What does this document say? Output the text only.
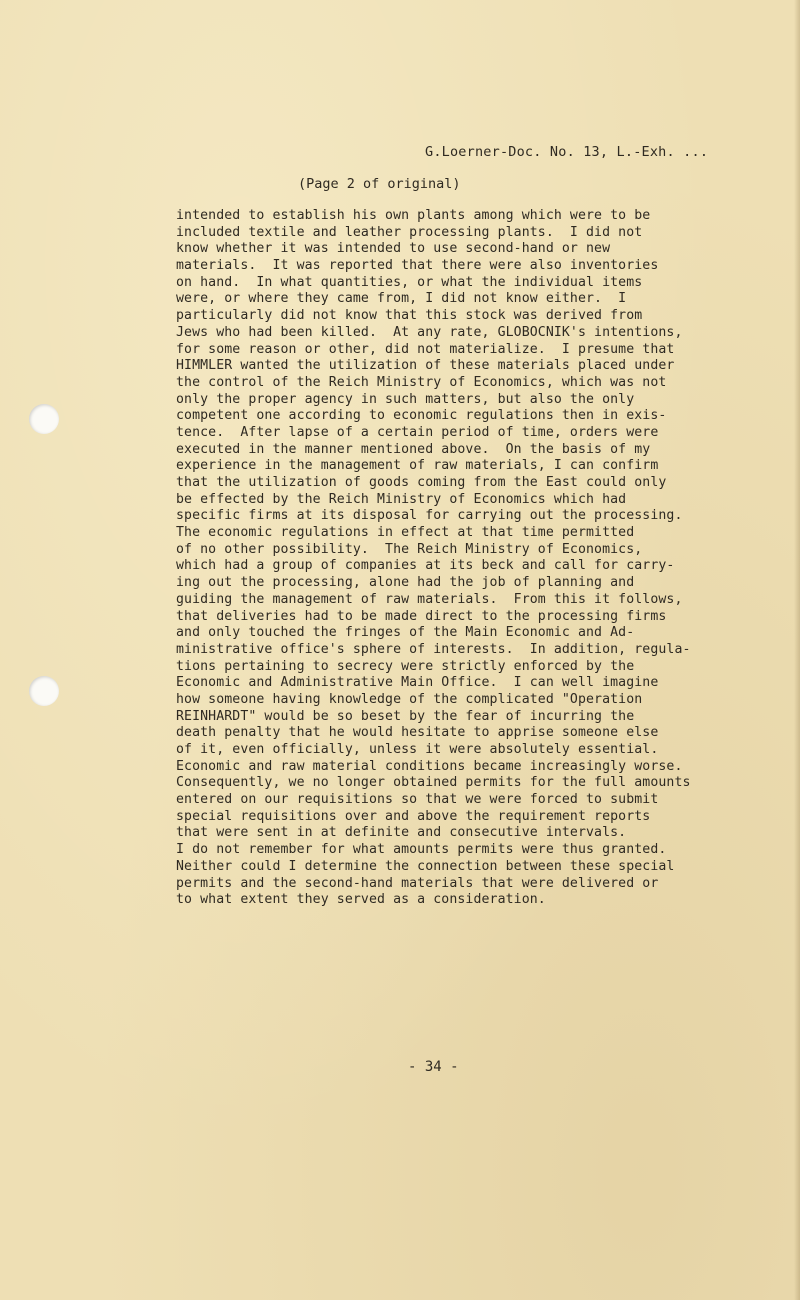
G.Loerner-Doc. No. 13, L.-Exh. ...
(Page 2 of original)
intended to establish his own plants among which were to be
included textile and leather processing plants.  I did not
know whether it was intended to use second-hand or new
materials.  It was reported that there were also inventories
on hand.  In what quantities, or what the individual items
were, or where they came from, I did not know either.  I
particularly did not know that this stock was derived from
Jews who had been killed.  At any rate, GLOBOCNIK's intentions,
for some reason or other, did not materialize.  I presume that
HIMMLER wanted the utilization of these materials placed under
the control of the Reich Ministry of Economics, which was not
only the proper agency in such matters, but also the only
competent one according to economic regulations then in exis-
tence.  After lapse of a certain period of time, orders were
executed in the manner mentioned above.  On the basis of my
experience in the management of raw materials, I can confirm
that the utilization of goods coming from the East could only
be effected by the Reich Ministry of Economics which had
specific firms at its disposal for carrying out the processing.
The economic regulations in effect at that time permitted
of no other possibility.  The Reich Ministry of Economics,
which had a group of companies at its beck and call for carry-
ing out the processing, alone had the job of planning and
guiding the management of raw materials.  From this it follows,
that deliveries had to be made direct to the processing firms
and only touched the fringes of the Main Economic and Ad-
ministrative office's sphere of interests.  In addition, regula-
tions pertaining to secrecy were strictly enforced by the
Economic and Administrative Main Office.  I can well imagine
how someone having knowledge of the complicated "Operation
REINHARDT" would be so beset by the fear of incurring the
death penalty that he would hesitate to apprise someone else
of it, even officially, unless it were absolutely essential.
Economic and raw material conditions became increasingly worse.
Consequently, we no longer obtained permits for the full amounts
entered on our requisitions so that we were forced to submit
special requisitions over and above the requirement reports
that were sent in at definite and consecutive intervals.
I do not remember for what amounts permits were thus granted.
Neither could I determine the connection between these special
permits and the second-hand materials that were delivered or
to what extent they served as a consideration.
- 34 -
